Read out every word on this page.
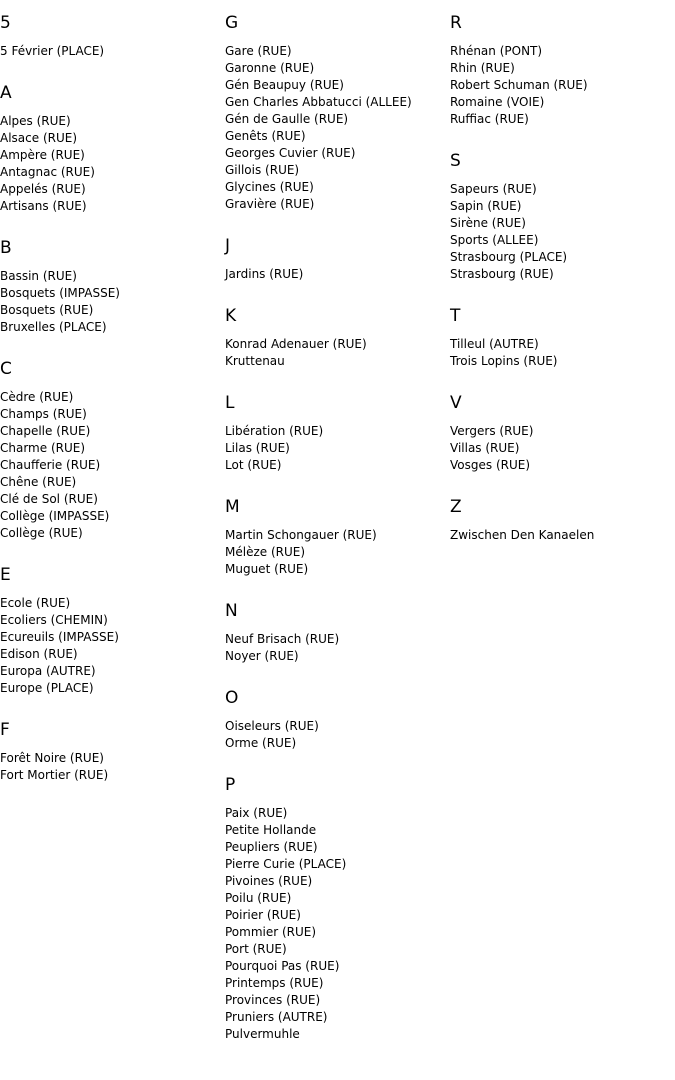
5
5 Février (PLACE)
A
Alpes (RUE)
Alsace (RUE)
Ampère (RUE)
Antagnac (RUE)
Appelés (RUE)
Artisans (RUE)
B
Bassin (RUE)
Bosquets (IMPASSE)
Bosquets (RUE)
Bruxelles (PLACE)
C
Cèdre (RUE)
Champs (RUE)
Chapelle (RUE)
Charme (RUE)
Chaufferie (RUE)
Chêne (RUE)
Clé de Sol (RUE)
Collège (IMPASSE)
Collège (RUE)
E
Ecole (RUE)
Ecoliers (CHEMIN)
Ecureuils (IMPASSE)
Edison (RUE)
Europa (AUTRE)
Europe (PLACE)
F
Forêt Noire (RUE)
Fort Mortier (RUE)
G
Gare (RUE)
Garonne (RUE)
Gén Beaupuy (RUE)
Gen Charles Abbatucci (ALLEE)
Gén de Gaulle (RUE)
Genêts (RUE)
Georges Cuvier (RUE)
Gillois (RUE)
Glycines (RUE)
Gravière (RUE)
J
Jardins (RUE)
K
Konrad Adenauer (RUE)
Kruttenau
L
Libération (RUE)
Lilas (RUE)
Lot (RUE)
M
Martin Schongauer (RUE)
Mélèze (RUE)
Muguet (RUE)
N
Neuf Brisach (RUE)
Noyer (RUE)
O
Oiseleurs (RUE)
Orme (RUE)
P
Paix (RUE)
Petite Hollande
Peupliers (RUE)
Pierre Curie (PLACE)
Pivoines (RUE)
Poilu (RUE)
Poirier (RUE)
Pommier (RUE)
Port (RUE)
Pourquoi Pas (RUE)
Printemps (RUE)
Provinces (RUE)
Pruniers (AUTRE)
Pulvermuhle
R
Rhénan (PONT)
Rhin (RUE)
Robert Schuman (RUE)
Romaine (VOIE)
Ruffiac (RUE)
S
Sapeurs (RUE)
Sapin (RUE)
Sirène (RUE)
Sports (ALLEE)
Strasbourg (PLACE)
Strasbourg (RUE)
T
Tilleul (AUTRE)
Trois Lopins (RUE)
V
Vergers (RUE)
Villas (RUE)
Vosges (RUE)
Z
Zwischen Den Kanaelen
